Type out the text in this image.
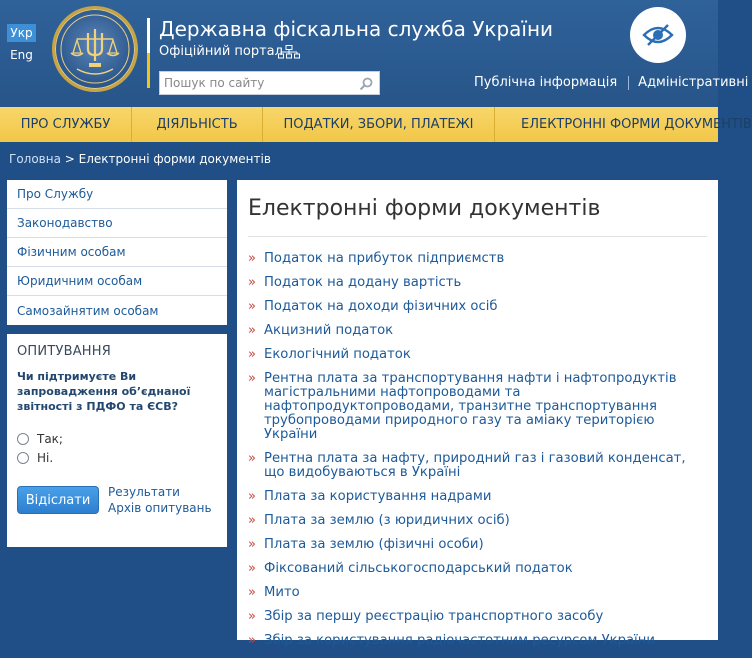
Укр
Eng
Державна фіскальна служба України
Офіційний портал
Пошук по сайту
Публічна інформація Адміністративні
ПРО СЛУЖБУ	ДІЯЛЬНІСТЬ	ПОДАТКИ, ЗБОРИ, ПЛАТЕЖІ	ЕЛЕКТРОННІ ФОРМИ ДОКУМЕНТІВ
Головна > Електронні форми документів
Про Службу
Законодавство
Фізичним особам
Юридичним особам
Самозайнятим особам
ОПИТУВАННЯ
Чи підтримуєте Ви запровадження об’єднаної звітності з ПДФО та ЄСВ?
Так;
Ні.
Відіслати
Результати
Архів опитувань
Електронні форми документів
» Податок на прибуток підприємств
» Податок на додану вартість
» Податок на доходи фізичних осіб
» Акцизний податок
» Екологічний податок
» Рентна плата за транспортування нафти і нафтопродуктів магістральними нафтопроводами та нафтопродуктопроводами, транзитне транспортування трубопроводами природного газу та аміаку територією України
» Рентна плата за нафту, природний газ і газовий конденсат, що видобуваються в Україні
» Плата за користування надрами
» Плата за землю (з юридичних осіб)
» Плата за землю (фізичні особи)
» Фіксований сільськогосподарський податок
» Мито
» Збір за першу реєстрацію транспортного засобу
» Збір за користування радіочастотним ресурсом України
